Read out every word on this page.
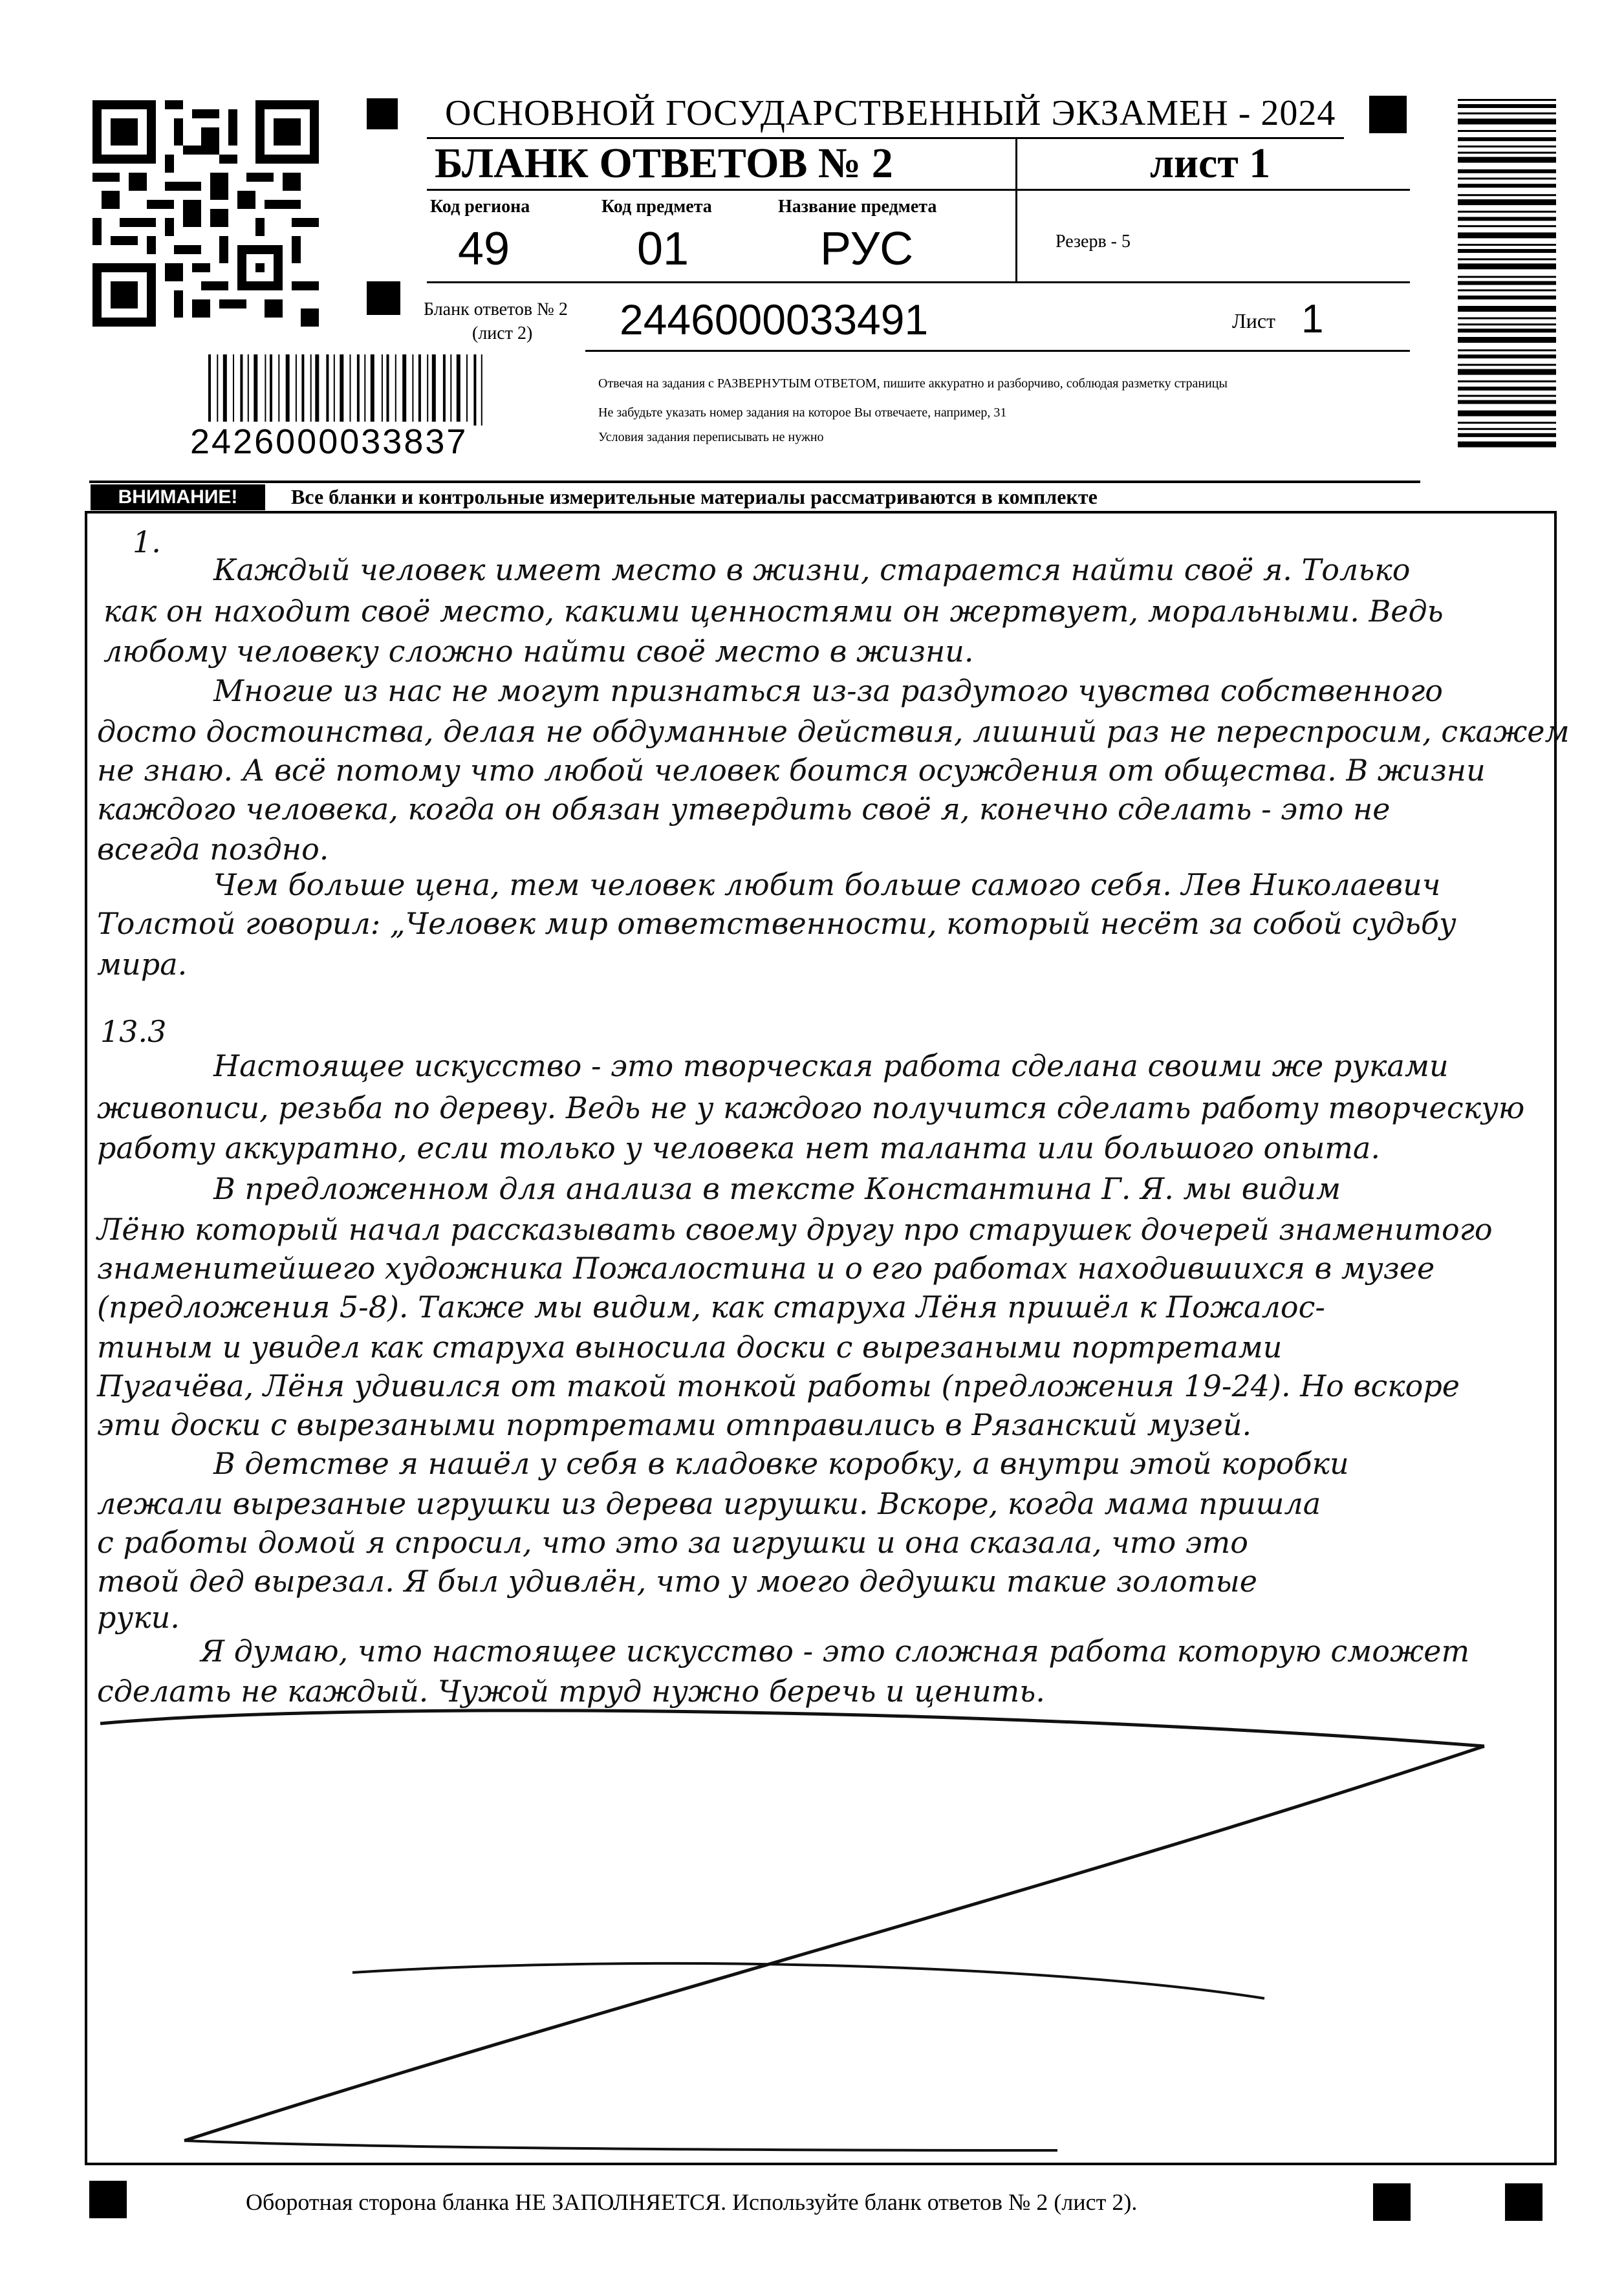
ОСНОВНОЙ ГОСУДАРСТВЕННЫЙ ЭКЗАМЕН - 2024
БЛАНК ОТВЕТОВ № 2	лист 1
Код региона
49
Код предмета
01
Название предмета
РУС	Резерв - 5
Бланк ответов № 2
(лист 2) 2446000033491	Лист 1
2426000033837
Отвечая на задания с РАЗВЕРНУТЫМ ОТВЕТОМ, пишите аккуратно и разборчиво, соблюдая разметку страницы
Не забудьте указать номер задания на которое Вы отвечаете, например, 31
Условия задания переписывать не нужно
ВНИМАНИЕ!	Все бланки и контрольные измерительные материалы рассматриваются в комплекте
1.
Каждый человек имеет место в жизни, старается найти своё я. Только
как он находит своё место, какими ценностями он жертвует, моральными. Ведь
любому человеку сложно найти своё место в жизни.
Многие из нас не могут признаться из-за раздутого чувства собственного
досто достоинства, делая не обдуманные действия, лишний раз не переспросим, скажем
не знаю. А всё потому что любой человек боится осуждения от общества. В жизни
каждого человека, когда он обязан утвердить своё я, конечно сделать - это не
всегда поздно.
Чем больше цена, тем человек любит больше самого себя. Лев Николаевич
Толстой говорил: „Человек мир ответственности, который несёт за собой судьбу
мира.
13.3
Настоящее искусство - это творческая работа сделана своими же руками
живописи, резьба по дереву. Ведь не у каждого получится сделать работу творческую
работу аккуратно, если только у человека нет таланта или большого опыта.
В предложенном для анализа в тексте Константина Г. Я. мы видим
Лёню который начал рассказывать своему другу про старушек дочерей знаменитого
знаменитейшего художника Пожалостина и о его работах находившихся в музее
(предложения 5-8). Также мы видим, как старуха Лёня пришёл к Пожалос-
тиным и увидел как старуха выносила доски с вырезаными портретами
Пугачёва, Лёня удивился от такой тонкой работы (предложения 19-24). Но вскоре
эти доски с вырезаными портретами отправились в Рязанский музей.
В детстве я нашёл у себя в кладовке коробку, а внутри этой коробки
лежали вырезаные игрушки из дерева игрушки. Вскоре, когда мама пришла
с работы домой я спросил, что это за игрушки и она сказала, что это
твой дед вырезал. Я был удивлён, что у моего дедушки такие золотые
руки.
Я думаю, что настоящее искусство - это сложная работа которую сможет
сделать не каждый. Чужой труд нужно беречь и ценить.
Оборотная сторона бланка НЕ ЗАПОЛНЯЕТСЯ. Используйте бланк ответов № 2 (лист 2).
